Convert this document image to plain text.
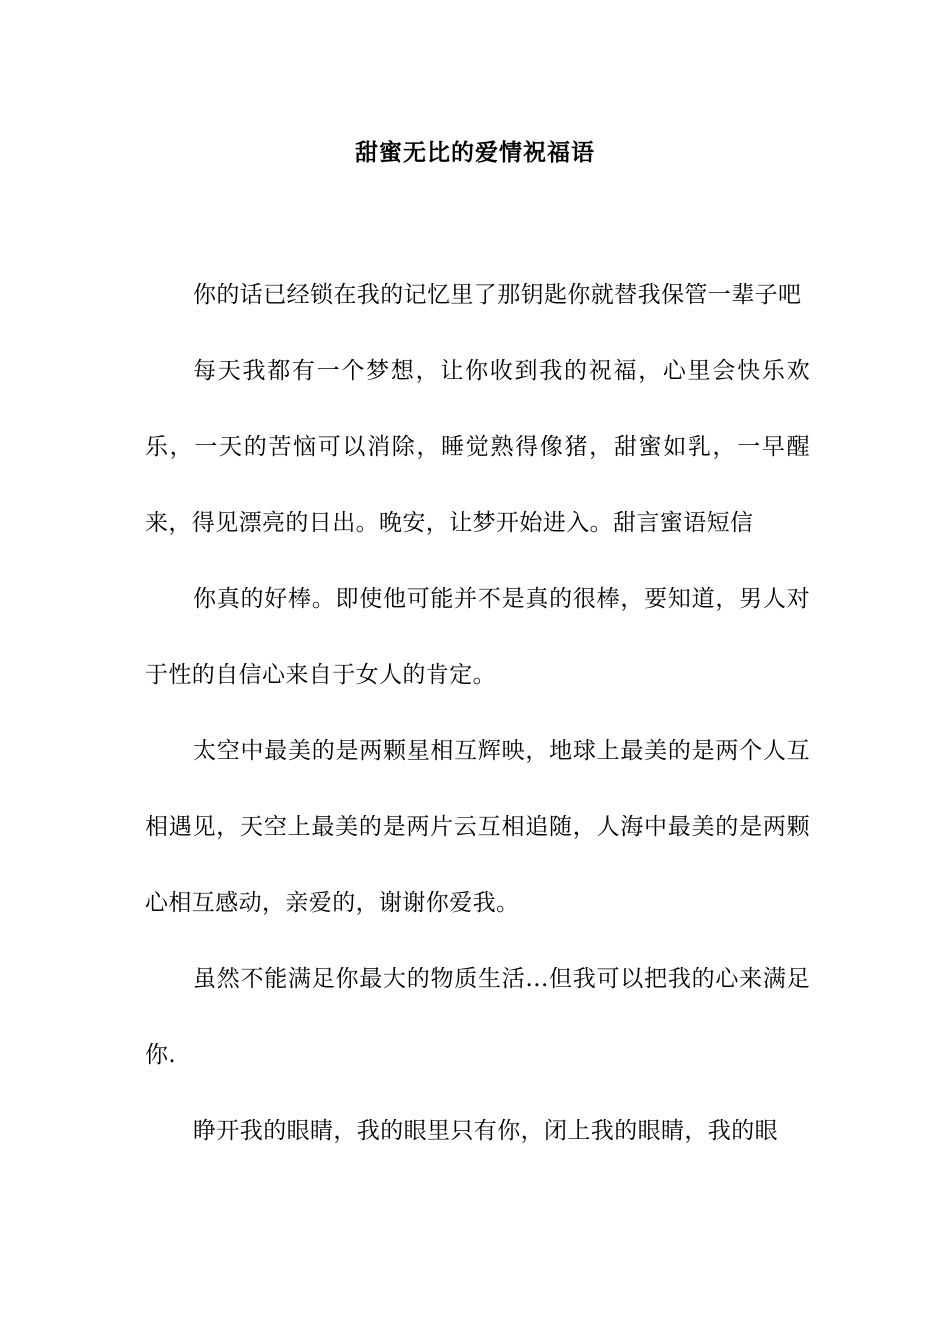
甜蜜无比的爱情祝福语

你的话已经锁在我的记忆里了那钥匙你就替我保管一辈子吧

每天我都有一个梦想，让你收到我的祝福，心里会快乐欢乐，一天的苦恼可以消除，睡觉熟得像猪，甜蜜如乳，一早醒来，得见漂亮的日出。晚安，让梦开始进入。甜言蜜语短信

你真的好棒。即使他可能并不是真的很棒，要知道，男人对于性的自信心来自于女人的肯定。

太空中最美的是两颗星相互辉映，地球上最美的是两个人互相遇见，天空上最美的是两片云互相追随，人海中最美的是两颗心相互感动，亲爱的，谢谢你爱我。

虽然不能满足你最大的物质生活...但我可以把我的心来满足你.

睁开我的眼睛，我的眼里只有你，闭上我的眼睛，我的眼
